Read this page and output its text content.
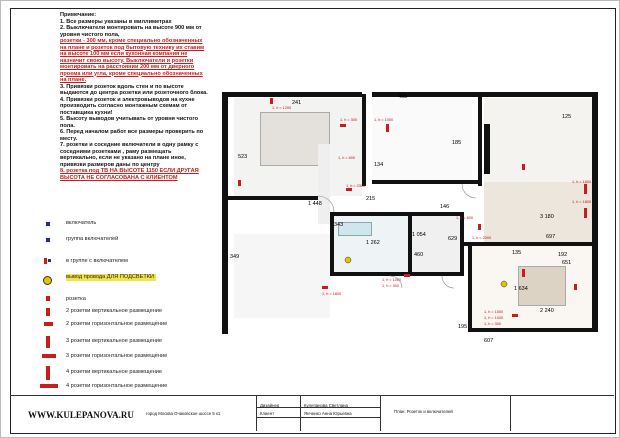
Примечание:

1. Все размеры указаны в миллиметрах

2. Выключатели монтировать на высоте 900 мм от уровня чистого пола,

розетки - 300 мм, кроме специально обозначенных на плане и розеток под бытовую технику их ставим на высоте 100 мм если кухонная компания не назначит свою высоту. Выключатели и розетки монтировать на расстоянии 200 мм от дверного проема или угла, кроме специально обозначенных на плане.

3. Привязки розеток вдоль стен и по высоте выдаются до центра розетки или розеточного блока.

4. Привязки розеток и электровыводов на кухне производить согласно монтажным схемам от поставщика кухни!

5. Высоту выводов учитывать от уровня чистого пола.

6. Перед началом работ все размеры проверить по месту.

7. розетки и соседние включатели в одну рамку с соседними розетками , раму размещать вертикально, если не указано на плане иное, привязки размеров даны по центру

8. розетка под ТВ НА ВЫСОТЕ 1150 ЕСЛИ ДРУГАЯ ВЫСОТА НЕ СОГЛАСОВАНА С КЛИЕНТОМ

включатель
группа включателей
в группе с включателем
вывод провода ДЛЯ ПОДСВЕТКИ
розетка
2 розетки вертикальное размещение
2 розетки горизонтальное размещение
3 розетки вертикальное размещение
3 розетки горизонтальное размещение
4 розетки вертикальное размещение
4 розетки горизонтальное размещение
241
465
523
134
1 448
215
146
1 262
1 054
629
3 180
135
1 634
2 240
195
607
349
343
460
125
192
651
697
185
1, h = 1200
1, h = 300
1, h = 600
1, h = 2300
1, h = 1000
1, h = 1500
1, h = 1800
1, h = 2300
1, h = 600
1, h = 1000
1, h = 300
1, h = 1500
1, h = 1800
1, h = 1000
1, h = 300
город Москва Очаковское шоссе 5 к1
Дизайнер	Кулепанова Светлана
Клиент	Янченко Анна Юрьевна	План: Розеток и включателей
WWW.KULEPANOVA.RU
